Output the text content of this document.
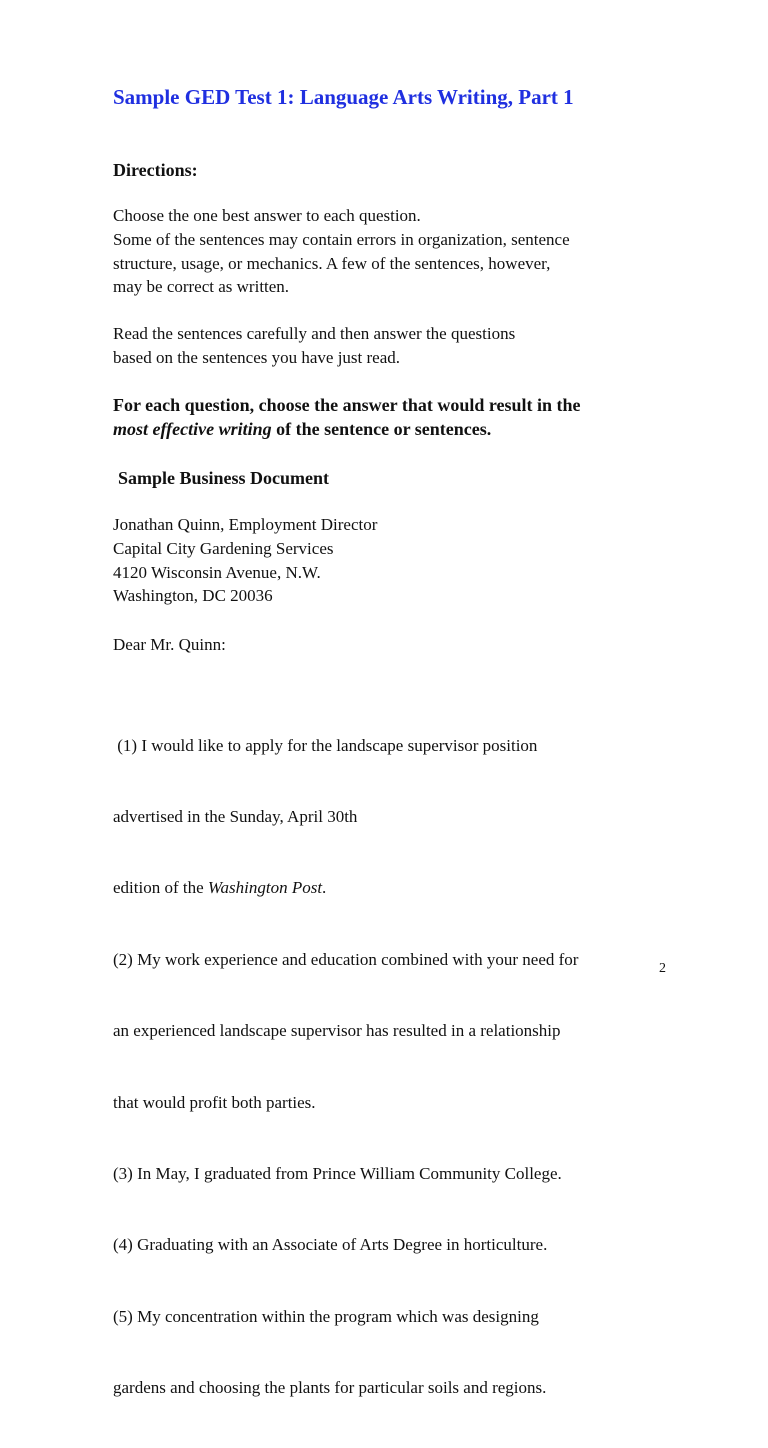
Sample GED Test 1: Language Arts Writing, Part 1
Directions:

Choose the one best answer to each question.
Some of the sentences may contain errors in organization, sentence
structure, usage, or mechanics. A few of the sentences, however,
may be correct as written.

Read the sentences carefully and then answer the questions
based on the sentences you have just read.

For each question, choose the answer that would result in the
most effective writing of the sentence or sentences.

Sample Business Document

Jonathan Quinn, Employment Director
Capital City Gardening Services
4120 Wisconsin Avenue, N.W.
Washington, DC 20036

Dear Mr. Quinn:

(1) I would like to apply for the landscape supervisor position

advertised in the Sunday, April 30th

edition of the Washington Post.

(2) My work experience and education combined with your need for

an experienced landscape supervisor has resulted in a relationship

that would profit both parties.

(3) In May, I graduated from Prince William Community College.

(4) Graduating with an Associate of Arts Degree in horticulture.

(5) My concentration within the program which was designing

gardens and choosing the plants for particular soils and regions.

2
